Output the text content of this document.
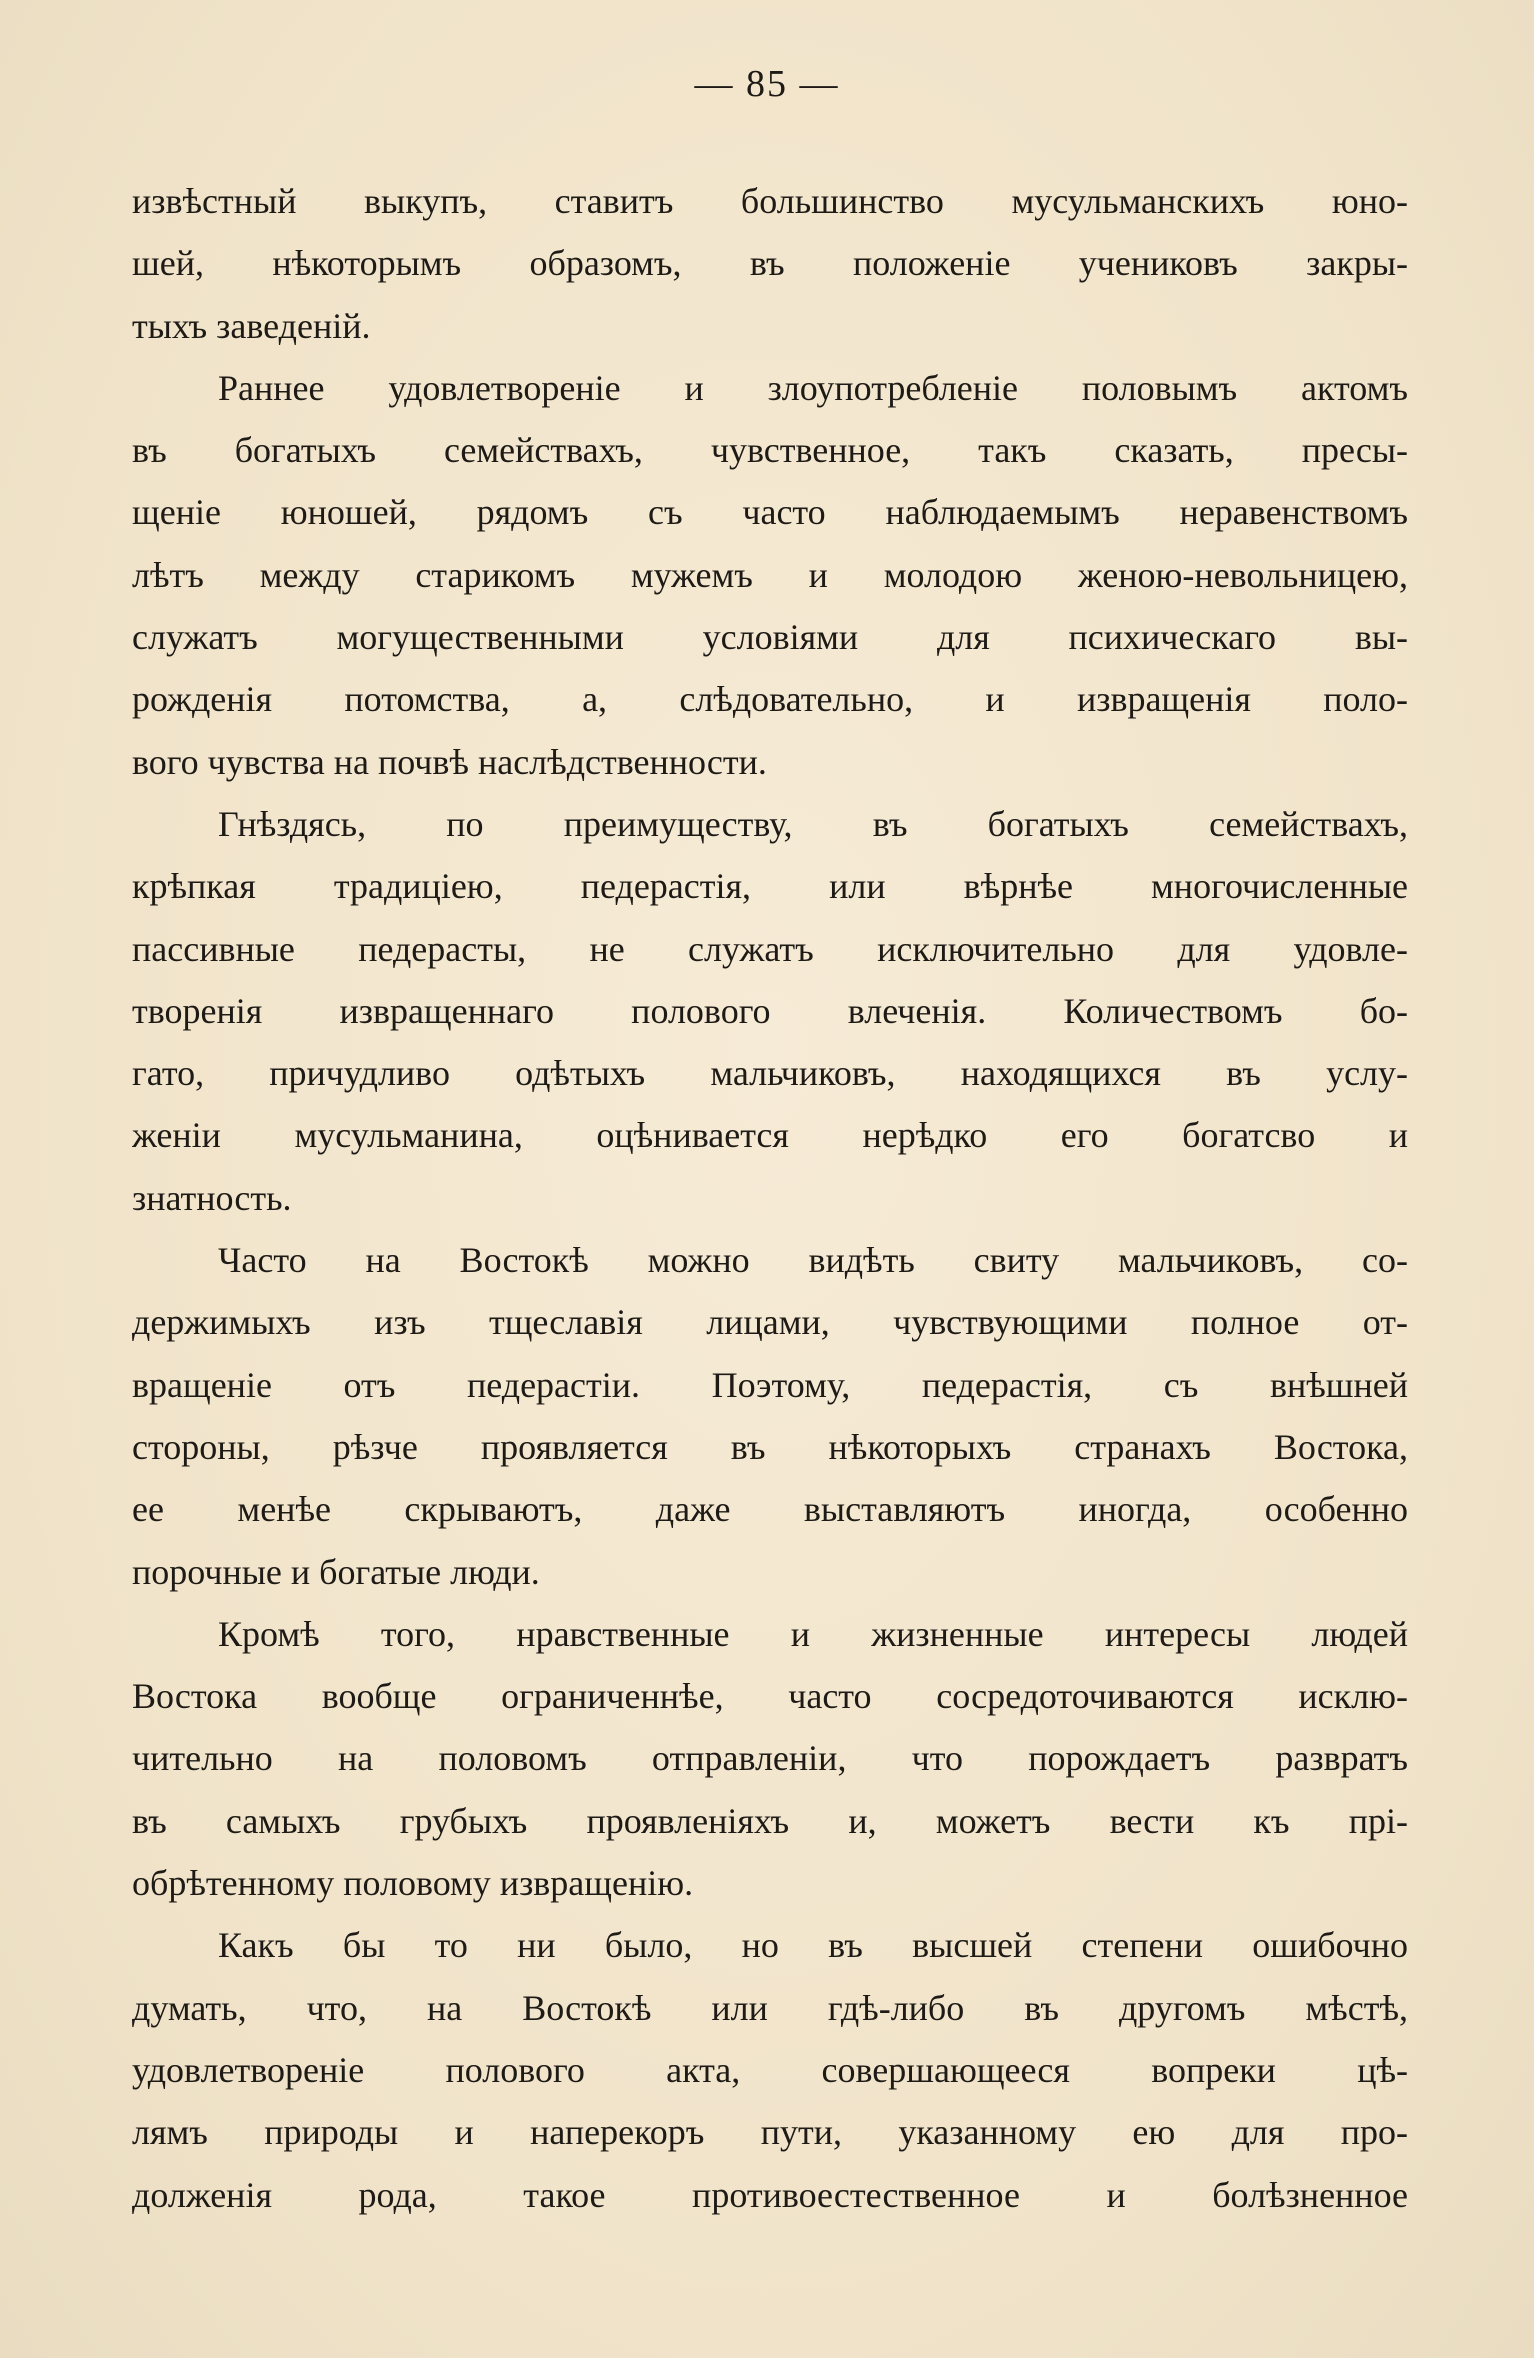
— 85 —
извѣстный выкупъ, ставитъ большинство мусульманскихъ юно-
шей, нѣкоторымъ образомъ, въ положеніе учениковъ закры-
тыхъ заведеній.
Раннее удовлетвореніе и злоупотребленіе половымъ актомъ
въ богатыхъ семействахъ, чувственное, такъ сказать, пресы-
щеніе юношей, рядомъ съ часто наблюдаемымъ неравенствомъ
лѣтъ между старикомъ мужемъ и молодою женою-невольницею,
служатъ могущественными условіями для психическаго вы-
рожденія потомства, а, слѣдовательно, и извращенія поло-
вого чувства на почвѣ наслѣдственности.
Гнѣздясь, по преимуществу, въ богатыхъ семействахъ,
крѣпкая традиціею, педерастія, или вѣрнѣе многочисленные
пассивные педерасты, не служатъ исключительно для удовле-
творенія извращеннаго полового влеченія. Количествомъ бо-
гато, причудливо одѣтыхъ мальчиковъ, находящихся въ услу-
женіи мусульманина, оцѣнивается нерѣдко его богатсво и
знатность.
Часто на Востокѣ можно видѣть свиту мальчиковъ, со-
держимыхъ изъ тщеславія лицами, чувствующими полное от-
вращеніе отъ педерастіи. Поэтому, педерастія, съ внѣшней
стороны, рѣзче проявляется въ нѣкоторыхъ странахъ Востока,
ее менѣе скрываютъ, даже выставляютъ иногда, особенно
порочные и богатые люди.
Кромѣ того, нравственные и жизненные интересы людей
Востока вообще ограниченнѣе, часто сосредоточиваются исклю-
чительно на половомъ отправленіи, что порождаетъ развратъ
въ самыхъ грубыхъ проявленіяхъ и, можетъ вести къ прі-
обрѣтенному половому извращенію.
Какъ бы то ни было, но въ высшей степени ошибочно
думать, что, на Востокѣ или гдѣ-либо въ другомъ мѣстѣ,
удовлетвореніе полового акта, совершающееся вопреки цѣ-
лямъ природы и наперекоръ пути, указанному ею для про-
долженія рода, такое противоестественное и болѣзненное
